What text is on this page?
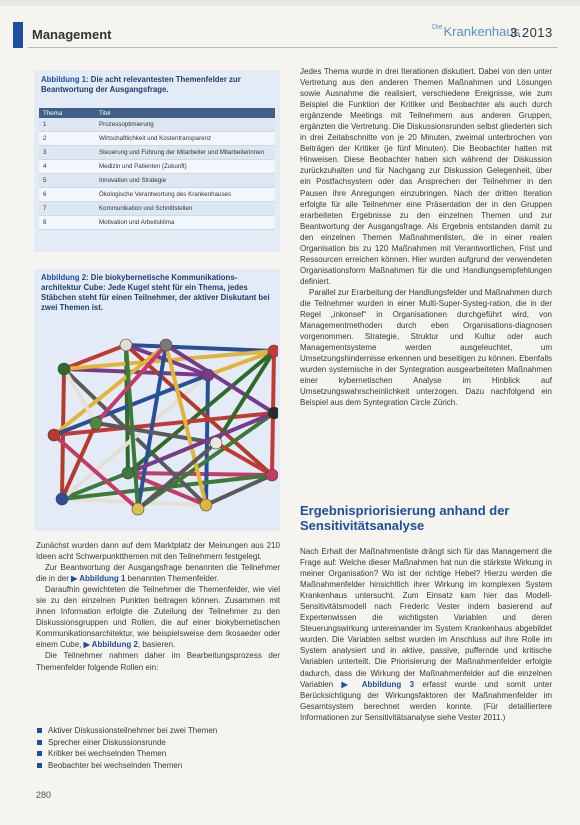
Management	$^{Die}$Krankenhaus
3.2013
Abbildung 1: Die acht relevantesten Themenfelder zur Beantwortung der Ausgangsfrage.
Thema	Titel
1	Prozessoptimierung
2	Wirtschaftlichkeit und Kostentransparenz
3	Steuerung und Führung der Mitarbeiter und Mitarbeiterinnen
4	Medizin und Patienten (Zukunft)
5	Innovation und Strategie
6	Ökologische Verantwortung des Krankenhauses
7	Kommunikation und Schnittstellen
8	Motivation und Arbeitsklima
Abbildung 2: Die biokybernetische Kommunikations-architektur Cube: Jede Kugel steht für ein Thema, jedes Stäbchen steht für einen Teilnehmer, der aktiver Diskutant bei zwei Themen ist.

Zunächst wurden dann auf dem Marktplatz der Meinungen aus 210 Ideen acht Schwerpunktthemen mit den Teilnehmern festgelegt.

Zur Beantwortung der Ausgangsfrage benannten die Teilnehmer die in der ▶ Abbildung 1 benannten Themenfelder.

Daraufhin gewichteten die Teilnehmer die Themenfelder, wie viel sie zu den einzelnen Punkten beitragen können. Zusammen mit ihnen Information erfolgte die Zuteilung der Teilnehmer zu den Diskussionsgruppen und Rollen, die auf einer biokybernetischen Kommunikationsarchitektur, wie beispielsweise dem Ikosaeder oder einem Cube, ▶ Abbildung 2, basieren.

Die Teilnehmer nahmen daher im Bearbeitungsprozess der Themenfelder folgende Rollen ein:

Aktiver Diskussionsteilnehmer bei zwei Themen
Sprecher einer Diskussionsrunde
Kritiker bei wechselnden Themen
Beobachter bei wechselnden Themen

Jedes Thema wurde in drei Iterationen diskutiert. Dabei von den unter Vertretung aus den anderen Themen Maßnahmen und Lösungen sowie Ausnahme die realisiert, verschiedene Ereignisse, wie zum Beispiel die Funktion der Kritiker und Beobachter als auch durch ergänzende Meetings mit Teilnehmern aus anderen Gruppen, ergänzten die Vertretung. Die Diskussionsrunden selbst gliederten sich in drei Zeitabschnitte von je 20 Minuten, zweimal unterbrochen von Beiträgen der Kritiker (je fünf Minuten). Die Beobachter hatten mit Hinweisen. Diese Beobachter haben sich während der Diskussion zurückzuhalten und für Nachgang zur Diskussion Gelegenheit, über ein Postfachsystem oder das Ansprechen der Teilnehmer in den Pausen ihre Anregungen einzubringen. Nach der dritten Iteration erfolgte für alle Teilnehmer eine Präsentation der in den Gruppen erarbeiteten Ergebnisse zu den einzelnen Themen und zur Beantwortung der Ausgangsfrage. Als Ergebnis entstanden damit zu den einzelnen Themen Maßnahmenlisten, die in einer realen Organisation bis zu 120 Maßnahmen mit Verantwortlichen, Frist und Ressourcen erreichen können. Hier wurden aufgrund der verwendeten Organisationsform Maßnahmen für die und Handlungsempfehlungen definiert.

Parallel zur Erarbeitung der Handlungsfelder und Maßnahmen durch die Teilnehmer wurden in einer Multi-Super-Systeg-ration, die in der Regel „inkonsef“ in Organisationen durchgeführt wird, von Managementmethoden durch eben Organisations-diagnosen vorgenommen. Strategie, Struktur und Kultur oder auch Managementsysteme werden ausgeleuchtet, um Umsetzungshindernisse erkennen und beseitigen zu können. Ebenfalls wurden systemische in der Syntegration ausgearbeiteten Maßnahmen einer kybernetischen Analyse im Hinblick auf Umsetzungswahrscheinlichkeit unterzogen. Dazu nachfolgend ein Beispiel aus dem Syntegration Circle Zürich.

Ergebnispriorisierung anhand der Sensitivitätsanalyse

Nach Erhalt der Maßnahmenliste drängt sich für das Management die Frage auf: Welche dieser Maßnahmen hat nun die stärkste Wirkung in meiner Organisation? Wo ist der richtige Hebel? Hierzu werden die Maßnahmenfelder hinsichtlich ihrer Wirkung im komplexen System Krankenhaus untersucht. Zum Einsatz kam hier das Modell-Sensitivitätsmodell nach Frederic Vester indem basierend auf Expertenwissen die wichtigsten Variablen und deren Steuerungswirkung untereinander im System Krankenhaus abgebildet wurden. Die Variablen selbst wurden im Anschluss auf ihre Rolle im System analysiert und in aktive, passive, puffernde und kritische Variablen unterteilt. Die Priorisierung der Maßnahmenfelder erfolgte dadurch, dass die Wirkung der Maßnahmenfelder auf die einzelnen Variablen ▶ Abbildung 3 erfasst wurde und somit unter Berücksichtigung der Wirkungsfaktoren der Maßnahmenfelder im Gesamtsystem berechnet werden konnte. (Für detailliertere Informationen zur Sensitivitätsanalyse siehe Vester 2011.)

280
